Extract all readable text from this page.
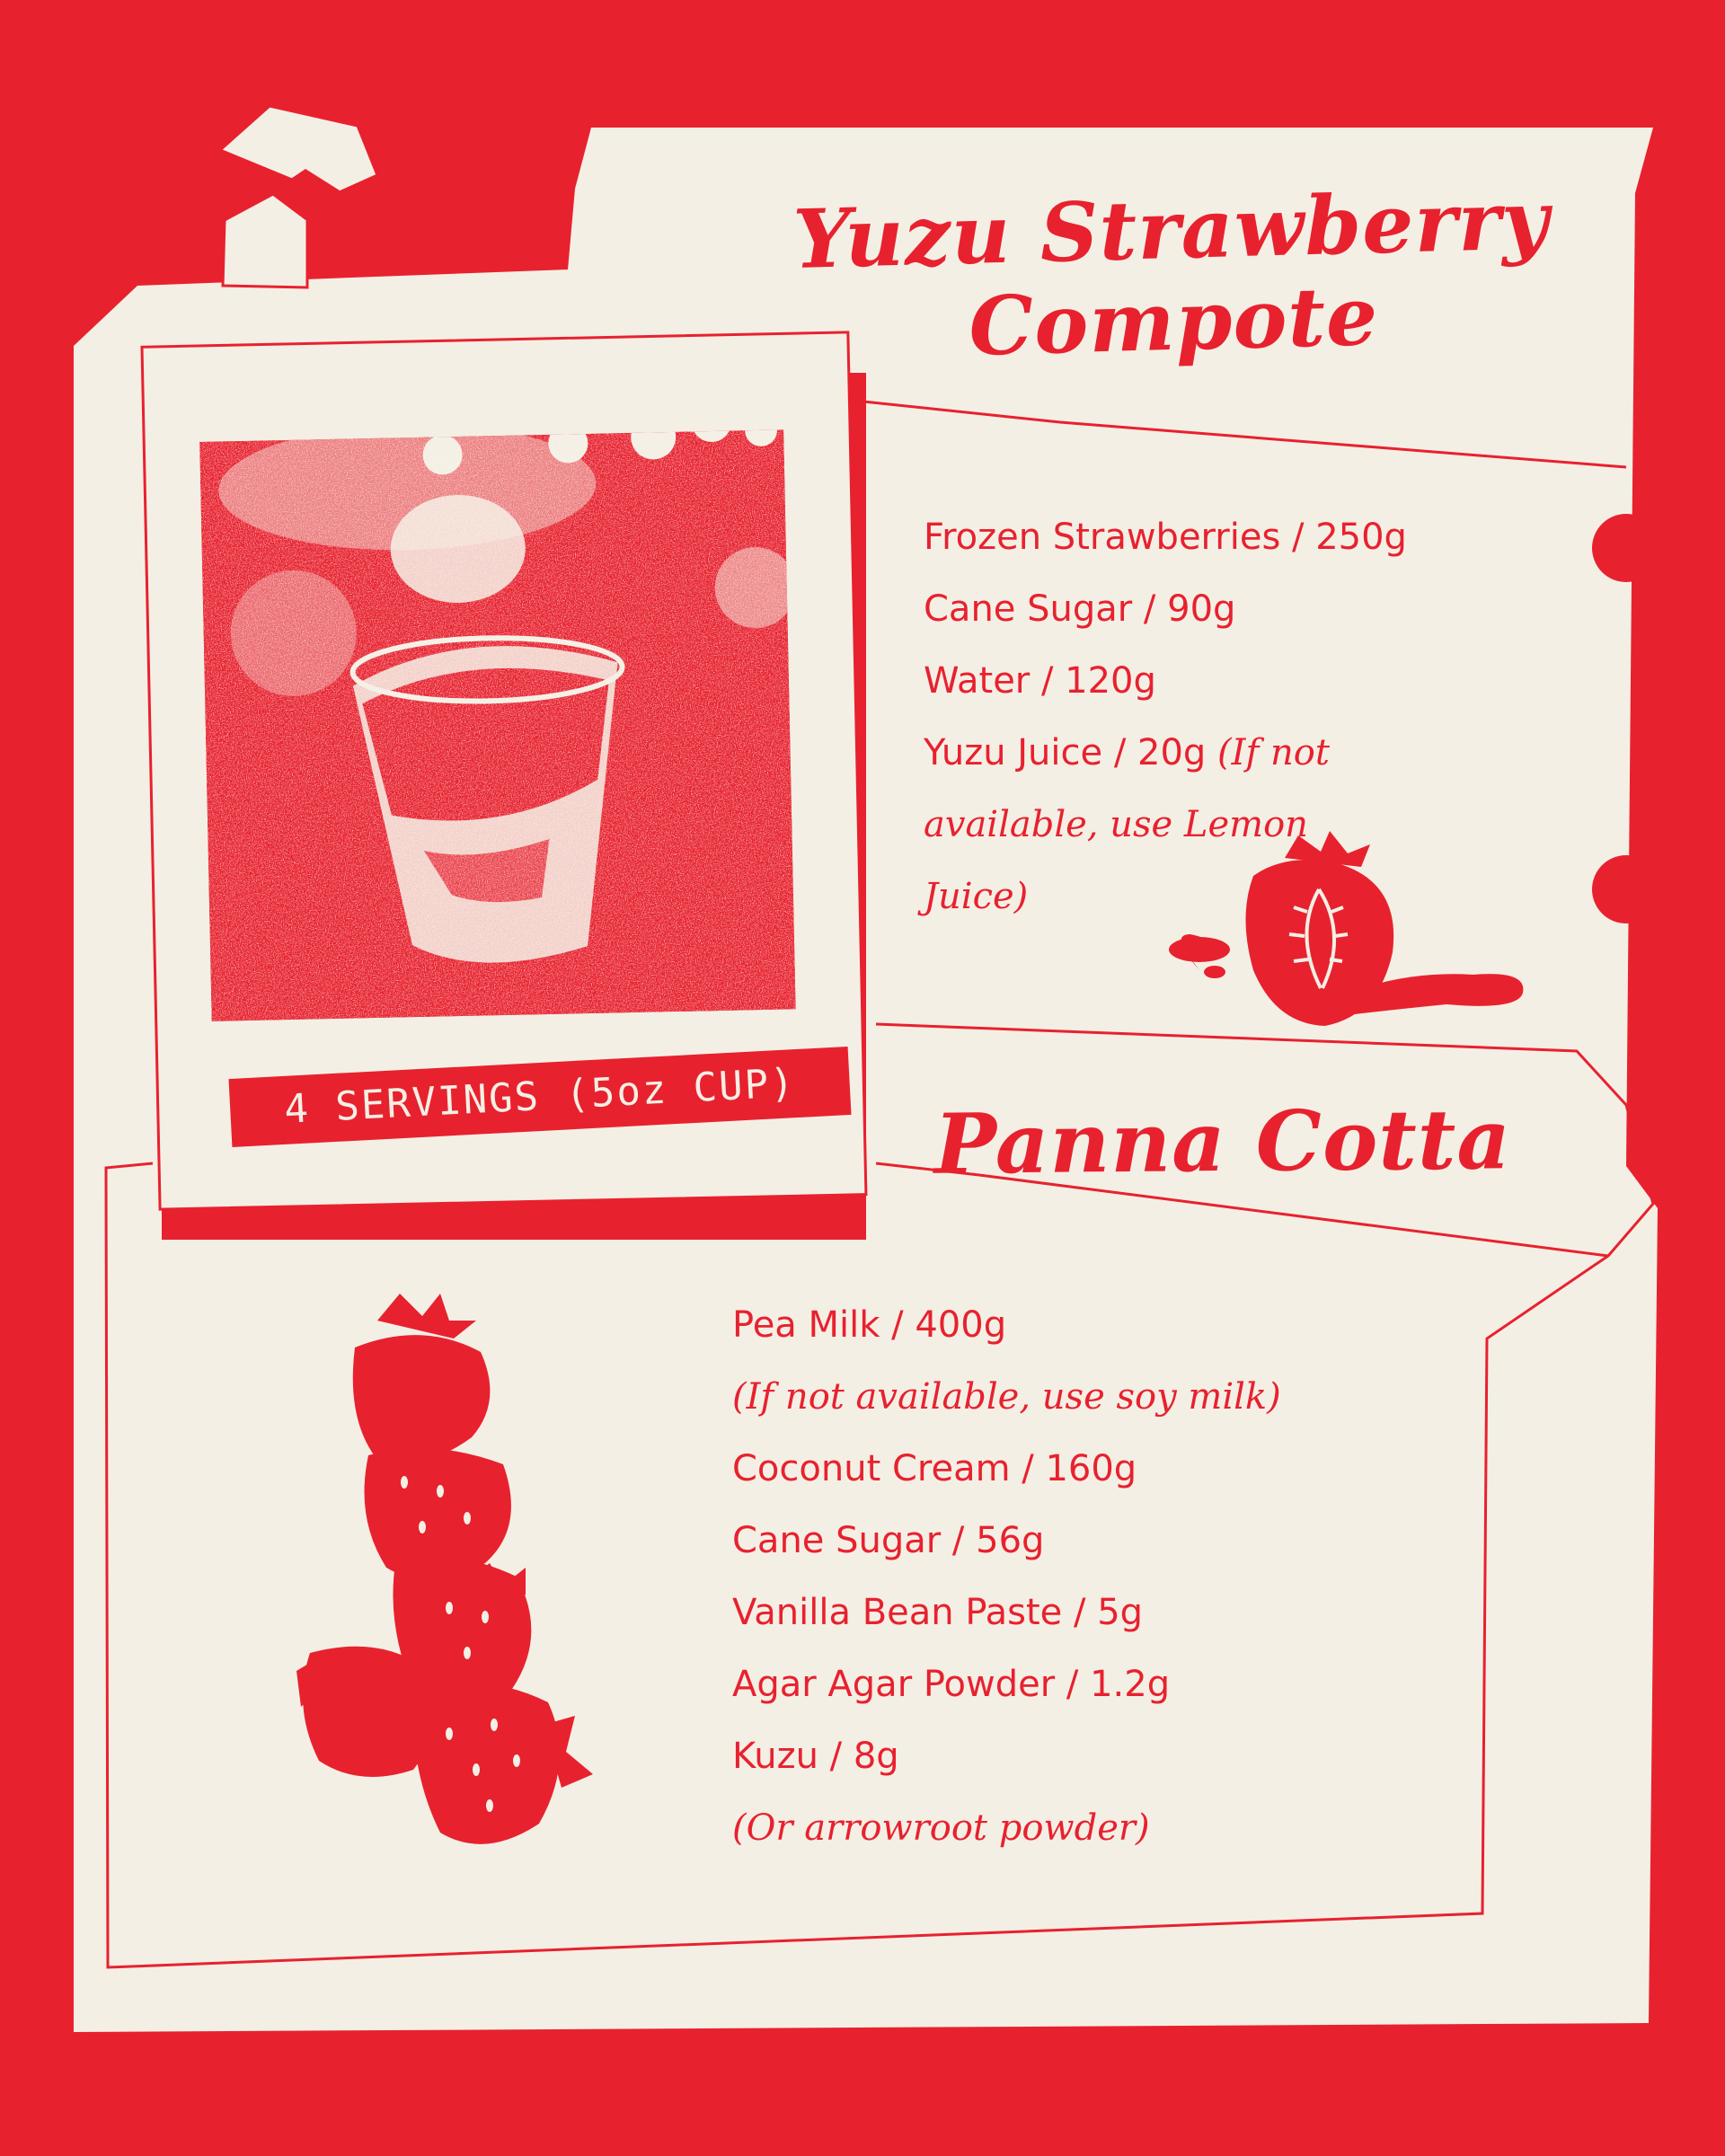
Yuzu Strawberry Compote
Frozen Strawberries / 250g
Cane Sugar / 90g
Water / 120g
Yuzu Juice / 20g (If not available, use Lemon Juice)
4 SERVINGS (5oz CUP)	Panna Cotta
Pea Milk / 400g
(If not available, use soy milk)
Coconut Cream / 160g
Cane Sugar / 56g
Vanilla Bean Paste / 5g
Agar Agar Powder / 1.2g
Kuzu / 8g
(Or arrowroot powder)
